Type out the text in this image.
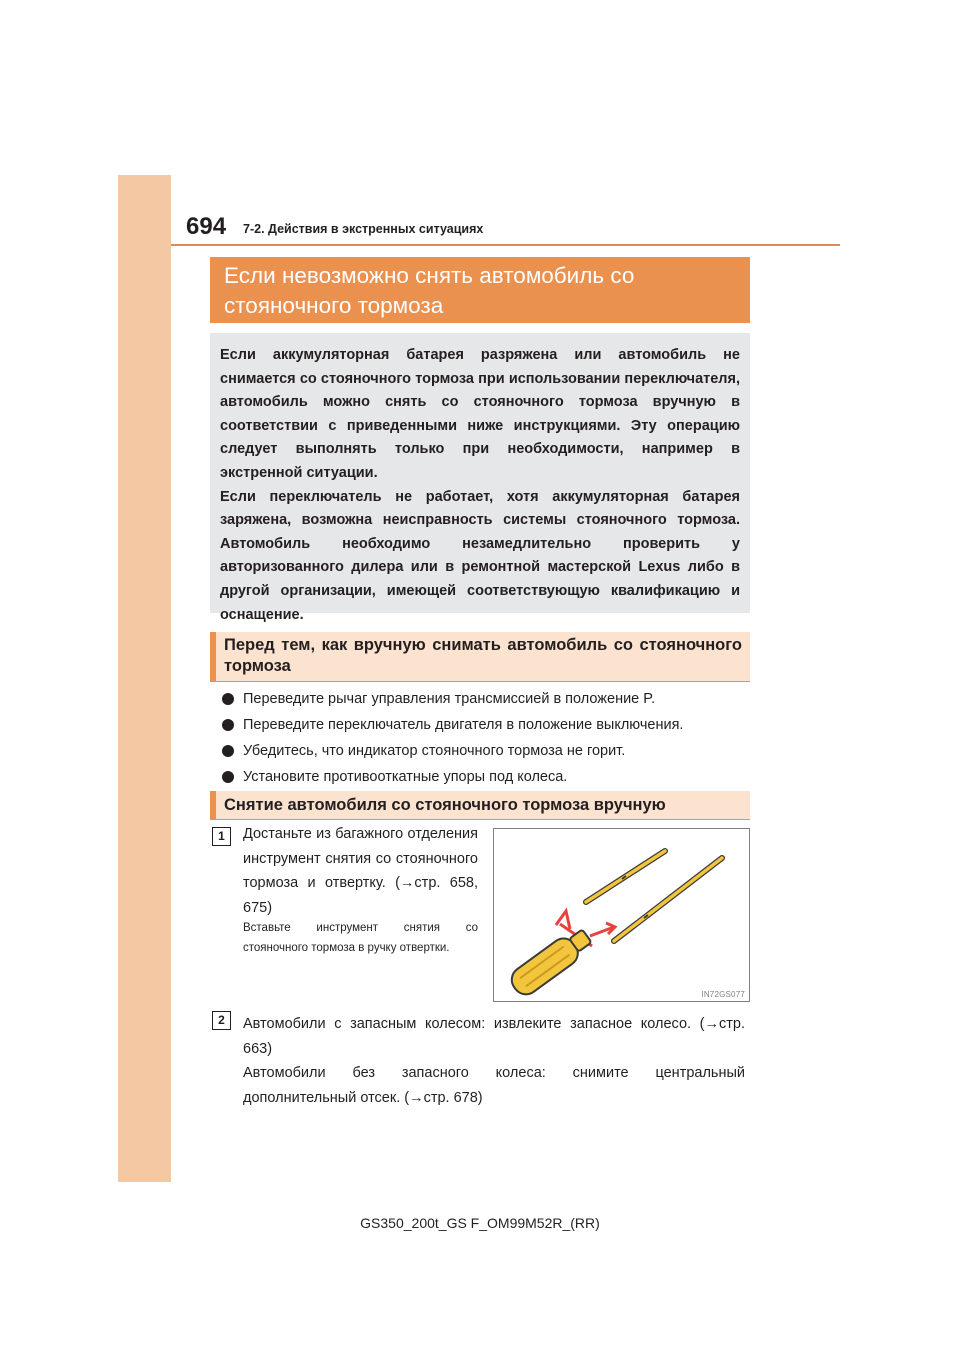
694 7-2. Действия в экстренных ситуациях
Если невозможно снять автомобиль со
стояночного тормоза

Если аккумуляторная батарея разряжена или автомобиль не снимается со стояночного тормоза при использовании переключателя, автомобиль можно снять со стояночного тормоза вручную в соответствии с приведенными ниже инструкциями. Эту операцию следует выполнять только при необходимости, например в экстренной ситуации.

Если переключатель не работает, хотя аккумуляторная батарея заряжена, возможна неисправность системы стояночного тормоза. Автомобиль необходимо незамедлительно проверить у авторизованного дилера или в ремонтной мастерской Lexus либо в другой организации, имеющей соответствующую квалификацию и оснащение.

Перед тем, как вручную снимать автомобиль со стояночного тормоза
Переведите рычаг управления трансмиссией в положение P.
Переведите переключатель двигателя в положение выключения.
Убедитесь, что индикатор стояночного тормоза не горит.
Установите противооткатные упоры под колеса.
Снятие автомобиля со стояночного тормоза вручную
1	Достаньте из багажного отделения инструмент снятия со стояночного тормоза и отвертку. (→стр. 658, 675)

Вставьте инструмент снятия со стояночного тормоза в ручку отвертки.

IN72GS077
2	Автомобили с запасным колесом: извлеките запасное колесо. (→стр. 663)

Автомобили без запасного колеса: снимите центральный дополнительный отсек. (→стр. 678)

GS350_200t_GS F_OM99M52R_(RR)
